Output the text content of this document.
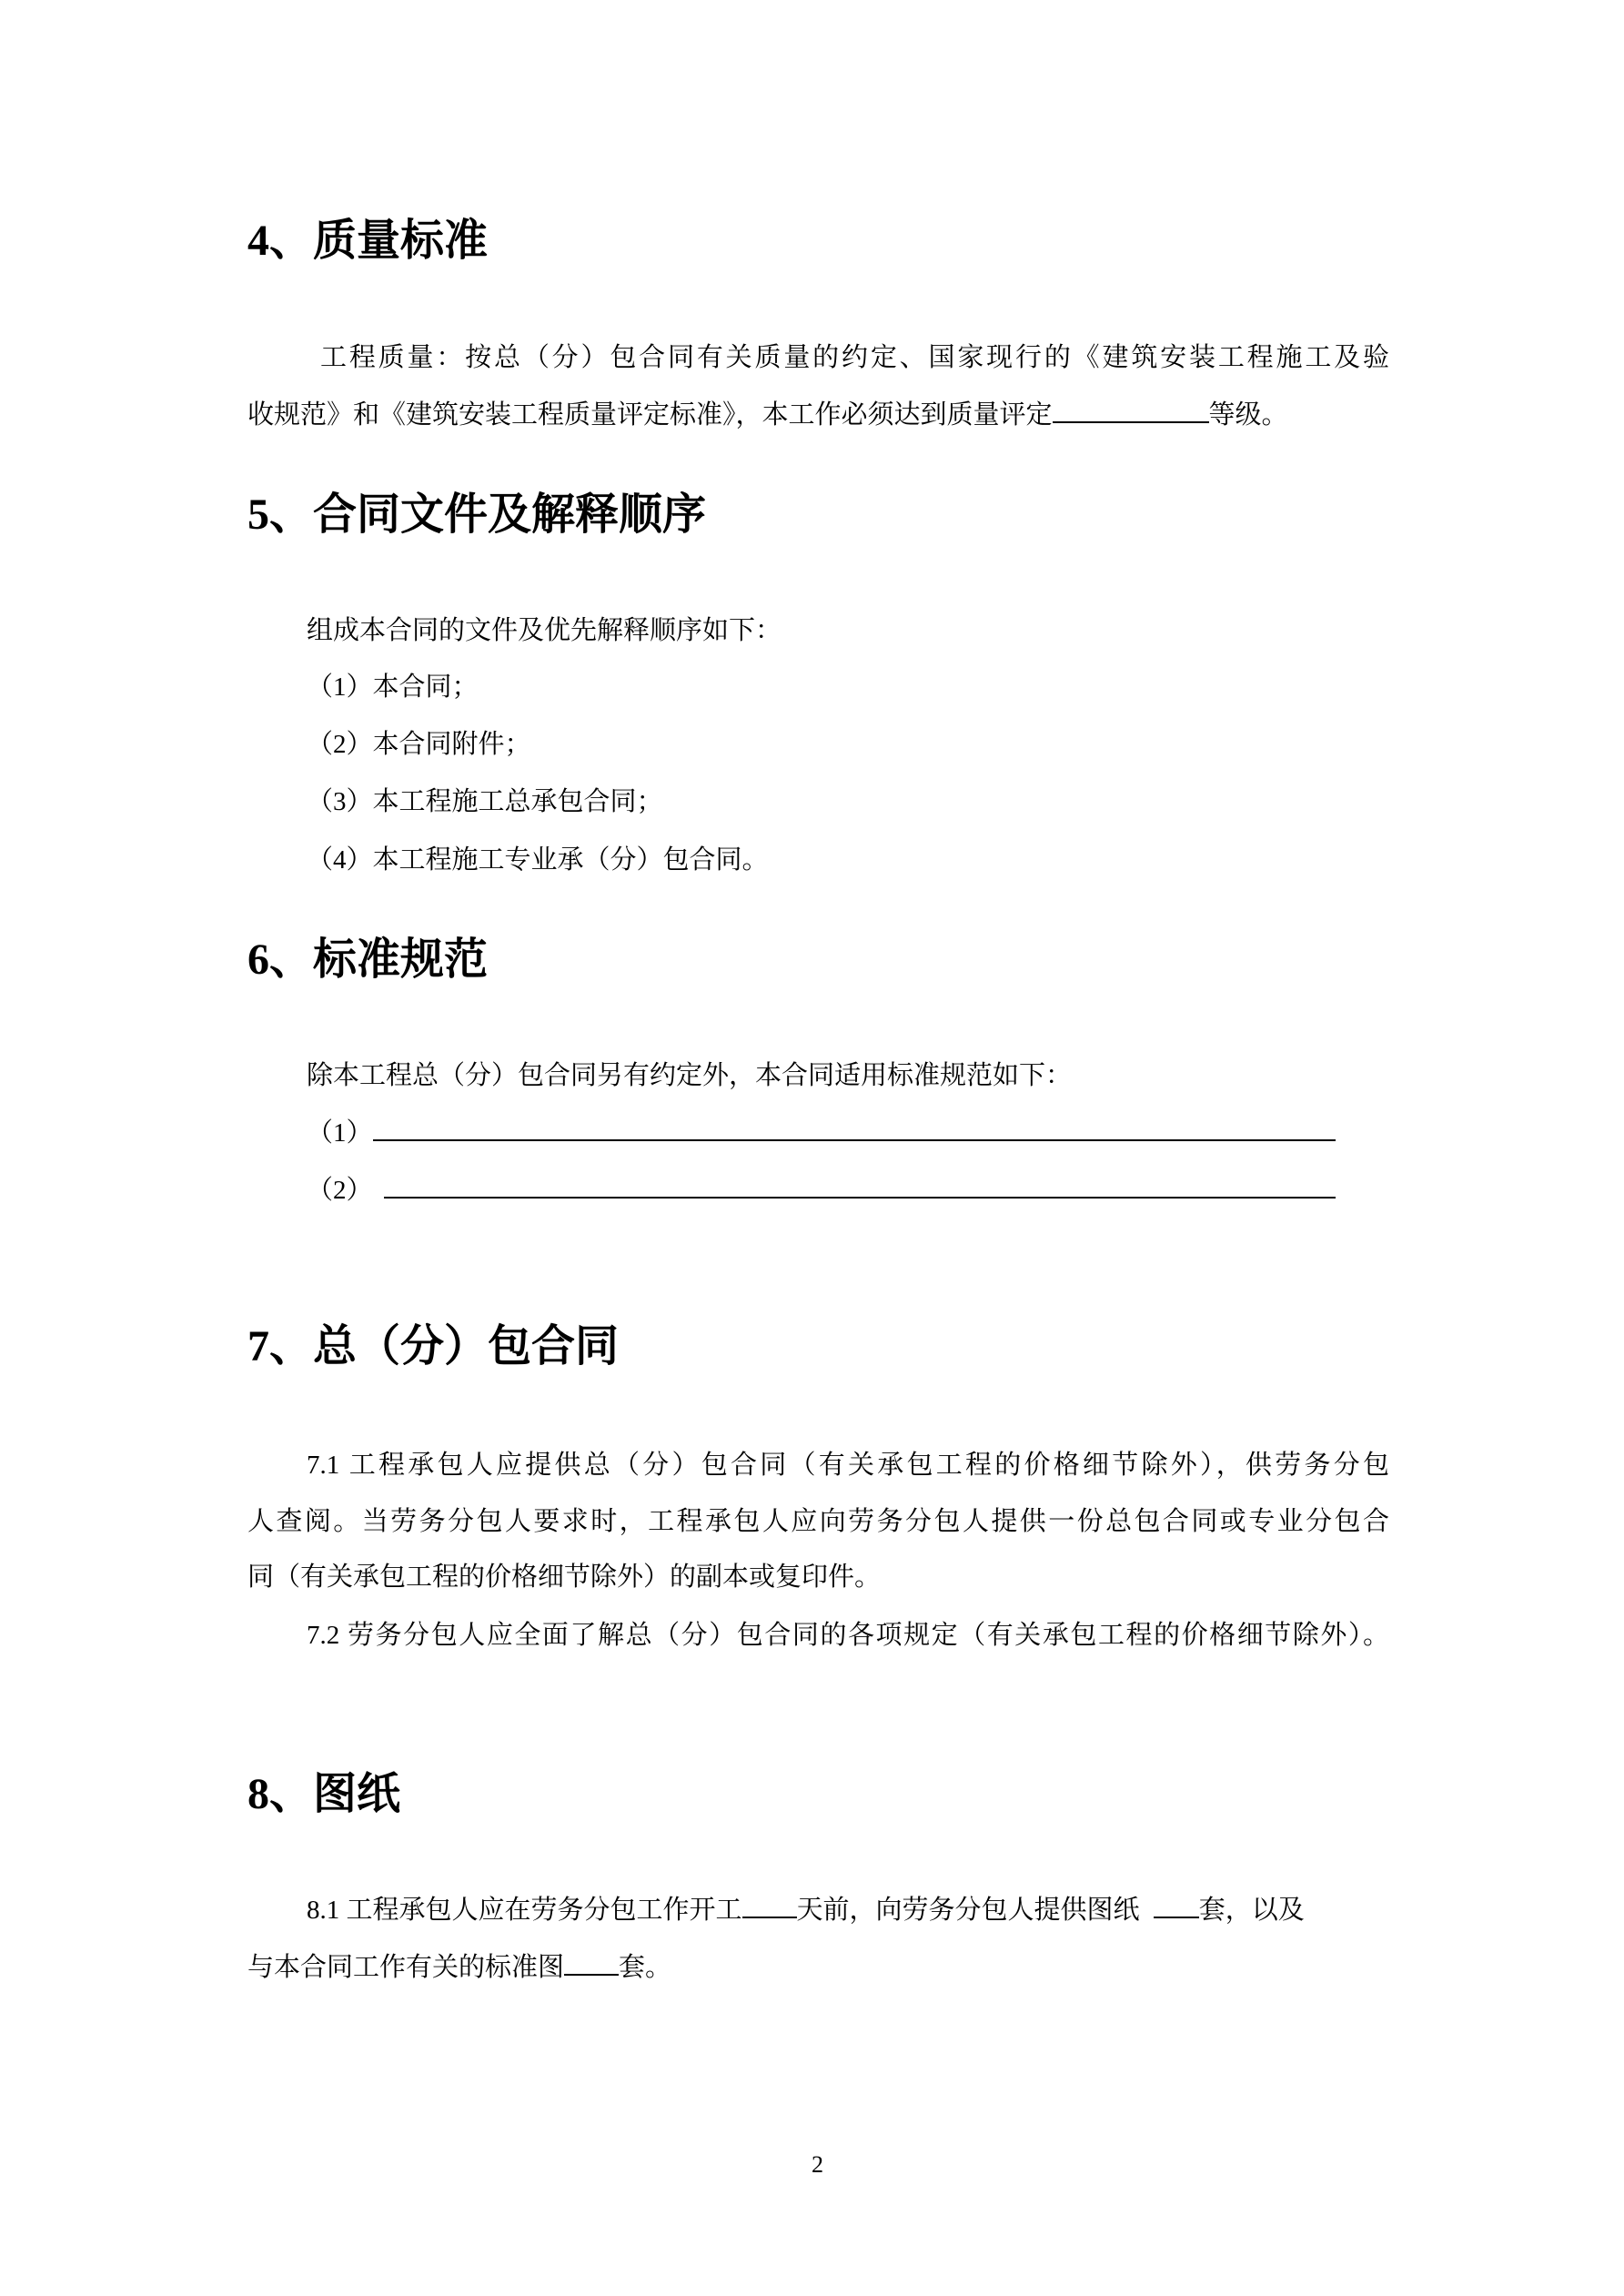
4、质量标准
工程质量：按总（分）包合同有关质量的约定、国家现行的《建筑安装工程施工及验
收规范》和《建筑安装工程质量评定标准》，本工作必须达到质量评定	等级。
5、合同文件及解释顺序
组成本合同的文件及优先解释顺序如下：
（1）本合同；
（2）本合同附件；
（3）本工程施工总承包合同；
（4）本工程施工专业承（分）包合同。
6、标准规范
除本工程总（分）包合同另有约定外，本合同适用标准规范如下：
（1）
（2）
7、总（分）包合同
7.1 工程承包人应提供总（分）包合同（有关承包工程的价格细节除外），供劳务分包
人查阅。当劳务分包人要求时，工程承包人应向劳务分包人提供一份总包合同或专业分包合
同（有关承包工程的价格细节除外）的副本或复印件。
7.2 劳务分包人应全面了解总（分）包合同的各项规定（有关承包工程的价格细节除外）。
8、图纸
8.1 工程承包人应在劳务分包工作开工 天前，向劳务分包人提供图纸 套，以及
与本合同工作有关的标准图 套。
2
